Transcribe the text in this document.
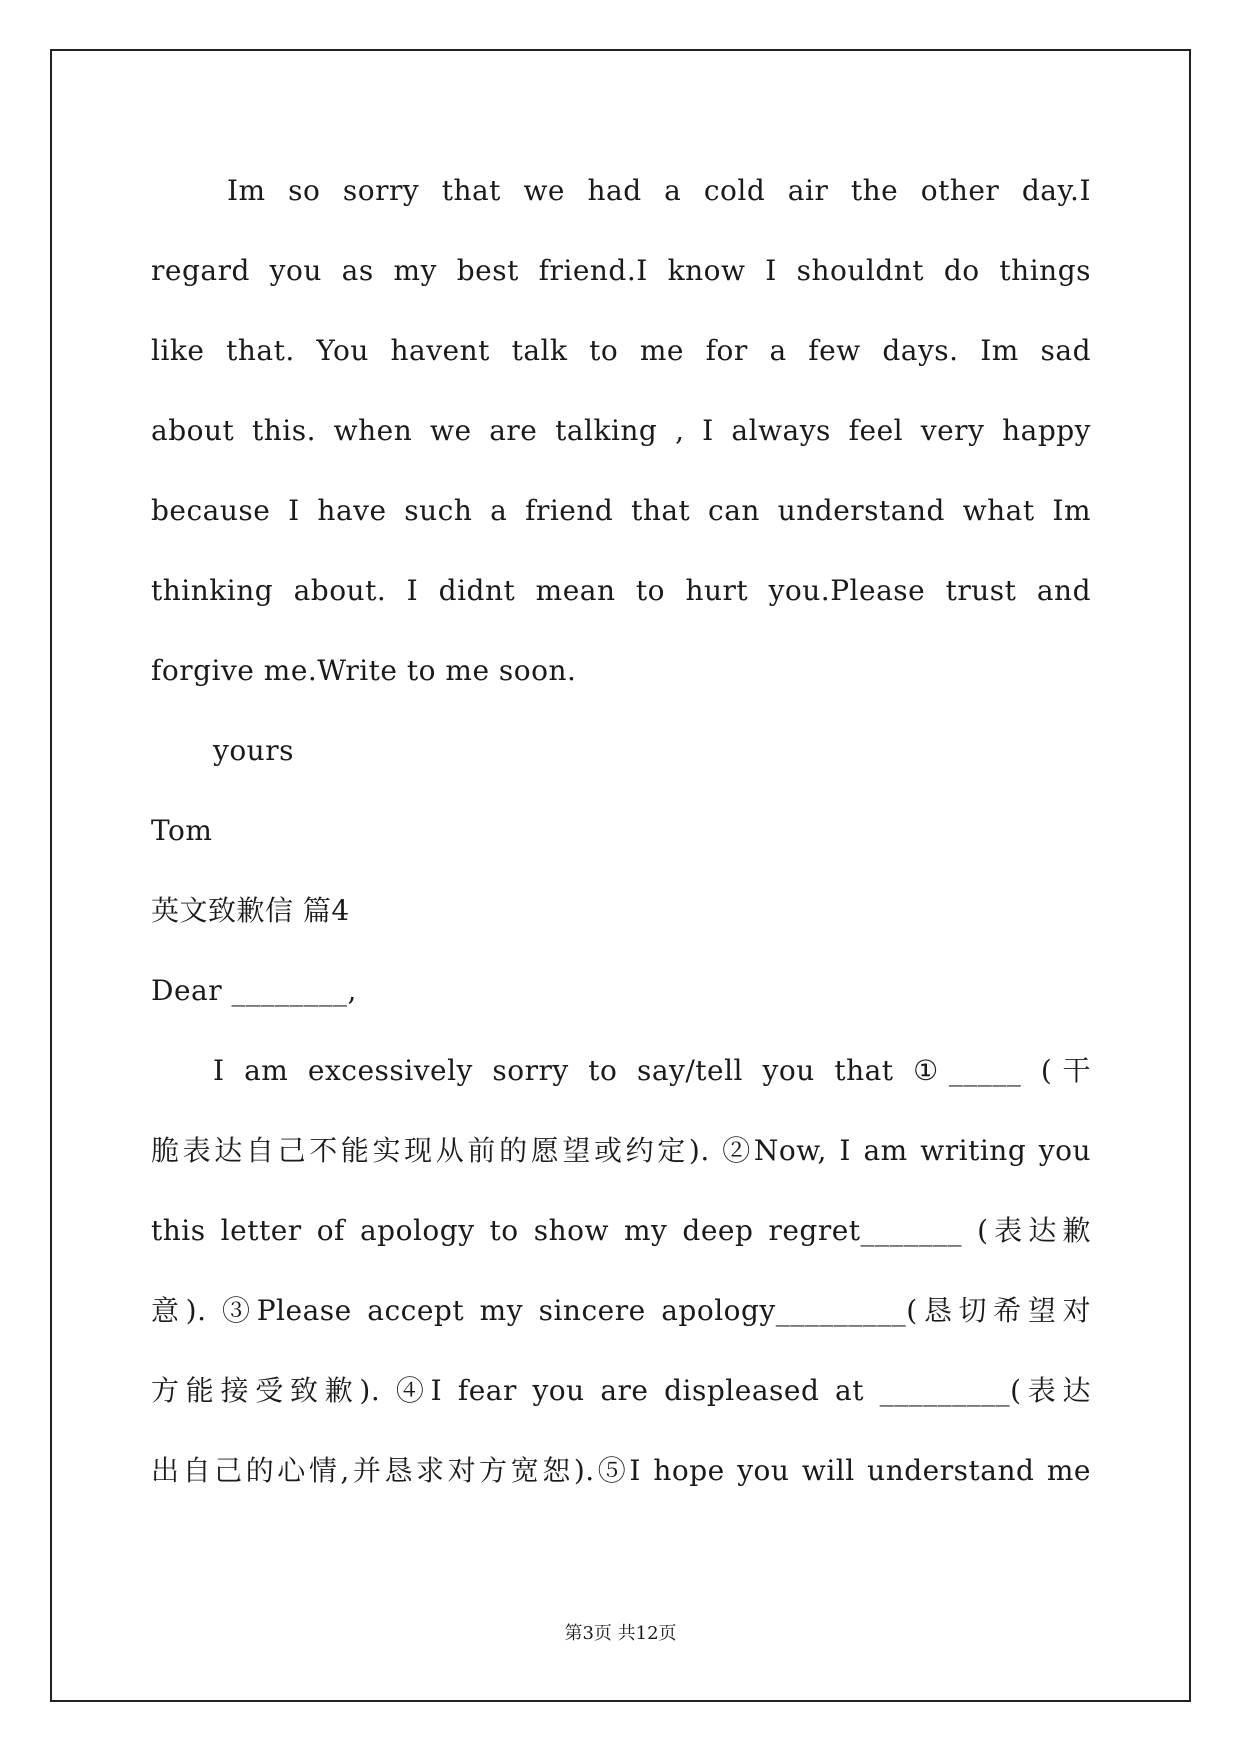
Im so sorry that we had a cold air the other day.I
regard you as my best friend.I know I shouldnt do things
like that. You havent talk to me for a few days. Im sad
about this. when we are talking , I always feel very happy
because I have such a friend that can understand what Im
thinking about. I didnt mean to hurt you.Please trust and
forgive me.Write to me soon.
yours
Tom
英文致歉信 篇4
Dear ________,
I am excessively sorry to say/tell you that ①_____ (干
脆表达自己不能实现从前的愿望或约定). ②Now, I am writing you
this letter of apology to show my deep regret_______ (表达歉
意). ③Please accept my sincere apology_________(恳切希望对
方能接受致歉). ④I fear you are displeased at _________(表达
出自己的心情,并恳求对方宽恕).⑤I hope you will understand me
第3页 共12页
